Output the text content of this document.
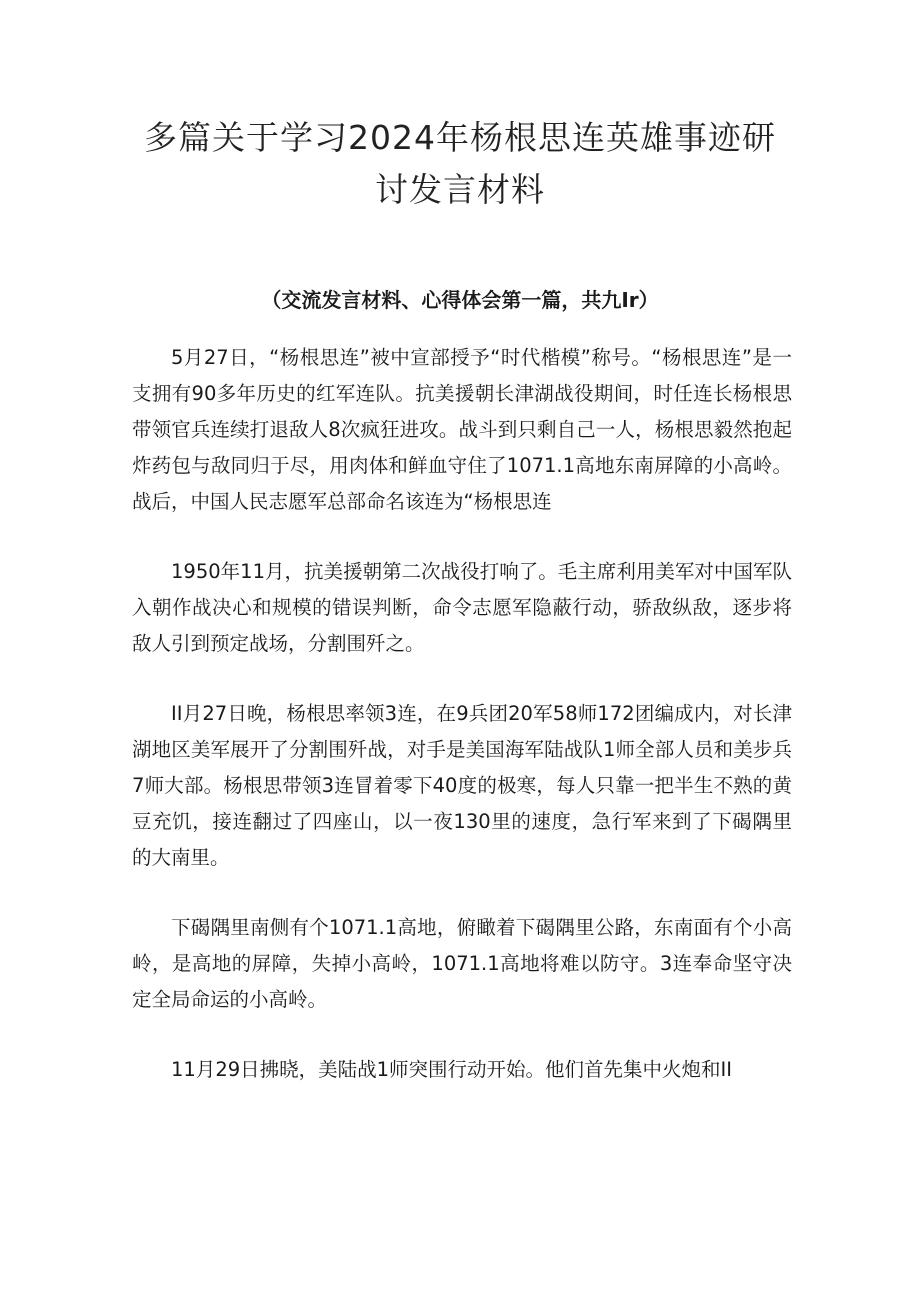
多篇关于学习2024年杨根思连英雄事迹研
讨发言材料
（交流发言材料、心得体会第一篇，共九Ir）

5月27日，“杨根思连”被中宣部授予“时代楷模”称号。“杨根思连”是一支拥有90多年历史的红军连队。抗美援朝长津湖战役期间，时任连长杨根思带领官兵连续打退敌人8次疯狂进攻。战斗到只剩自己一人，杨根思毅然抱起炸药包与敌同归于尽，用肉体和鲜血守住了1071.1高地东南屏障的小高岭。战后，中国人民志愿军总部命名该连为“杨根思连

1950年11月，抗美援朝第二次战役打响了。毛主席利用美军对中国军队入朝作战决心和规模的错误判断，命令志愿军隐蔽行动，骄敌纵敌，逐步将敌人引到预定战场，分割围歼之。

II月27日晚，杨根思率领3连，在9兵团20军58师172团编成内，对长津湖地区美军展开了分割围歼战，对手是美国海军陆战队1师全部人员和美步兵7师大部。杨根思带领3连冒着零下40度的极寒，每人只靠一把半生不熟的黄豆充饥，接连翻过了四座山，以一夜130里的速度，急行军来到了下碣隅里的大南里。

下碣隅里南侧有个1071.1高地，俯瞰着下碣隅里公路，东南面有个小高岭，是高地的屏障，失掉小高岭，1071.1高地将难以防守。3连奉命坚守决定全局命运的小高岭。

11月29日拂晓，美陆战1师突围行动开始。他们首先集中火炮和II
